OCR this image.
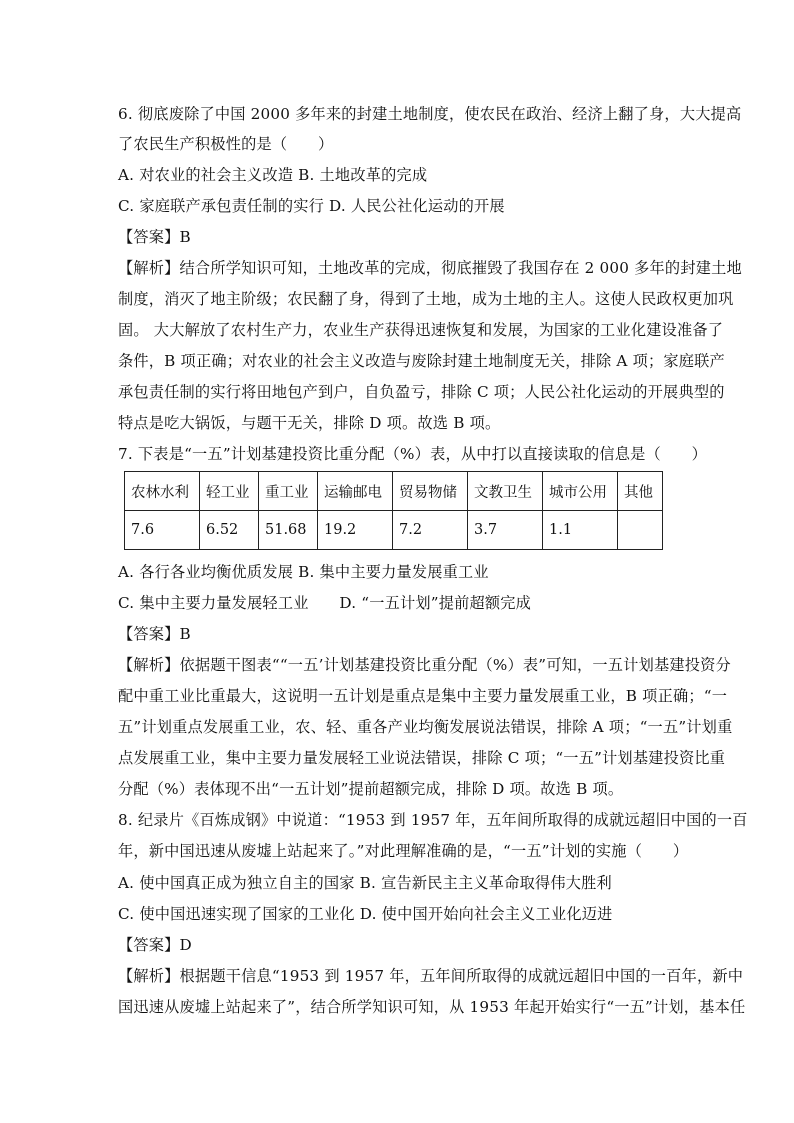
6. 彻底废除了中国 2000 多年来的封建土地制度，使农民在政治、经济上翻了身，大大提高
了农民生产积极性的是（　　）
A. 对农业的社会主义改造 B. 土地改革的完成
C. 家庭联产承包责任制的实行 D. 人民公社化运动的开展
【答案】B
【解析】结合所学知识可知，土地改革的完成，彻底摧毁了我国存在 2 000 多年的封建土地
制度，消灭了地主阶级；农民翻了身，得到了土地，成为土地的主人。这使人民政权更加巩
固。 大大解放了农村生产力，农业生产获得迅速恢复和发展，为国家的工业化建设准备了
条件，B 项正确；对农业的社会主义改造与废除封建土地制度无关，排除 A 项；家庭联产
承包责任制的实行将田地包产到户，自负盈亏，排除 C 项；人民公社化运动的开展典型的
特点是吃大锅饭，与题干无关，排除 D 项。故选 B 项。
7. 下表是“一五”计划基建投资比重分配（%）表，从中打以直接读取的信息是（　　）
农林水利	轻工业	重工业	运输邮电	贸易物储	文教卫生	城市公用	其他
7.6	6.52	51.68	19.2	7.2	3.7	1.1	
A. 各行各业均衡优质发展 B. 集中主要力量发展重工业
C. 集中主要力量发展轻工业　　D. “一五计划”提前超额完成
【答案】B
【解析】依据题干图表““一五’计划基建投资比重分配（%）表”可知，一五计划基建投资分
配中重工业比重最大，这说明一五计划是重点是集中主要力量发展重工业，B 项正确；“一
五”计划重点发展重工业，农、轻、重各产业均衡发展说法错误，排除 A 项；“一五”计划重
点发展重工业，集中主要力量发展轻工业说法错误，排除 C 项；“一五”计划基建投资比重
分配（%）表体现不出“一五计划”提前超额完成，排除 D 项。故选 B 项。
8. 纪录片《百炼成钢》中说道：“1953 到 1957 年，五年间所取得的成就远超旧中国的一百
年，新中国迅速从废墟上站起来了。”对此理解准确的是，“一五”计划的实施（　　）
A. 使中国真正成为独立自主的国家 B. 宣告新民主主义革命取得伟大胜利
C. 使中国迅速实现了国家的工业化 D. 使中国开始向社会主义工业化迈进
【答案】D
【解析】根据题干信息“1953 到 1957 年，五年间所取得的成就远超旧中国的一百年，新中
国迅速从废墟上站起来了”，结合所学知识可知，从 1953 年起开始实行“一五”计划，基本任
